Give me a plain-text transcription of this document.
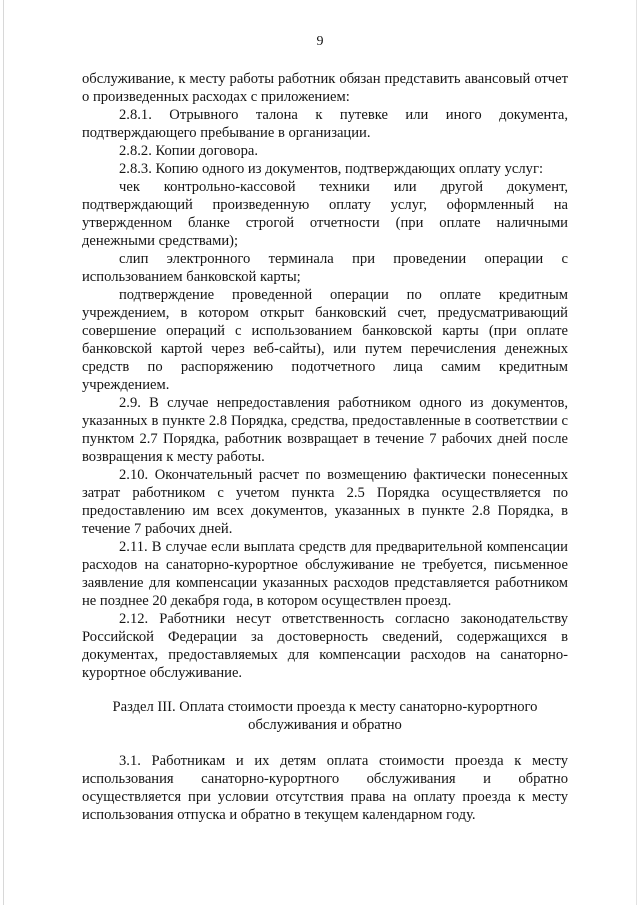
9

обслуживание, к месту работы работник обязан представить авансовый отчет о произведенных расходах с приложением:

2.8.1. Отрывного талона к путевке или иного документа, подтверждающего пребывание в организации.

2.8.2. Копии договора.

2.8.3. Копию одного из документов, подтверждающих оплату услуг:

чек контрольно-кассовой техники или другой документ, подтверждающий произведенную оплату услуг, оформленный на утвержденном бланке строгой отчетности (при оплате наличными денежными средствами);

слип электронного терминала при проведении операции с использованием банковской карты;

подтверждение проведенной операции по оплате кредитным учреждением, в котором открыт банковский счет, предусматривающий совершение операций с использованием банковской карты (при оплате банковской картой через веб-сайты), или путем перечисления денежных средств по распоряжению подотчетного лица самим кредитным учреждением.

2.9. В случае непредоставления работником одного из документов, указанных в пункте 2.8 Порядка, средства, предоставленные в соответствии с пунктом 2.7 Порядка, работник возвращает в течение 7 рабочих дней после возвращения к месту работы.

2.10. Окончательный расчет по возмещению фактически понесенных затрат работником с учетом пункта 2.5 Порядка осуществляется по предоставлению им всех документов, указанных в пункте 2.8 Порядка, в течение 7 рабочих дней.

2.11. В случае если выплата средств для предварительной компенсации расходов на санаторно-курортное обслуживание не требуется, письменное заявление для компенсации указанных расходов представляется работником не позднее 20 декабря года, в котором осуществлен проезд.

2.12. Работники несут ответственность согласно законодательству Российской Федерации за достоверность сведений, содержащихся в документах, предоставляемых для компенсации расходов на санаторно-курортное обслуживание.

Раздел III. Оплата стоимости проезда к месту санаторно-курортного обслуживания и обратно

3.1. Работникам и их детям оплата стоимости проезда к месту использования санаторно-курортного обслуживания и обратно осуществляется при условии отсутствия права на оплату проезда к месту использования отпуска и обратно в текущем календарном году.
